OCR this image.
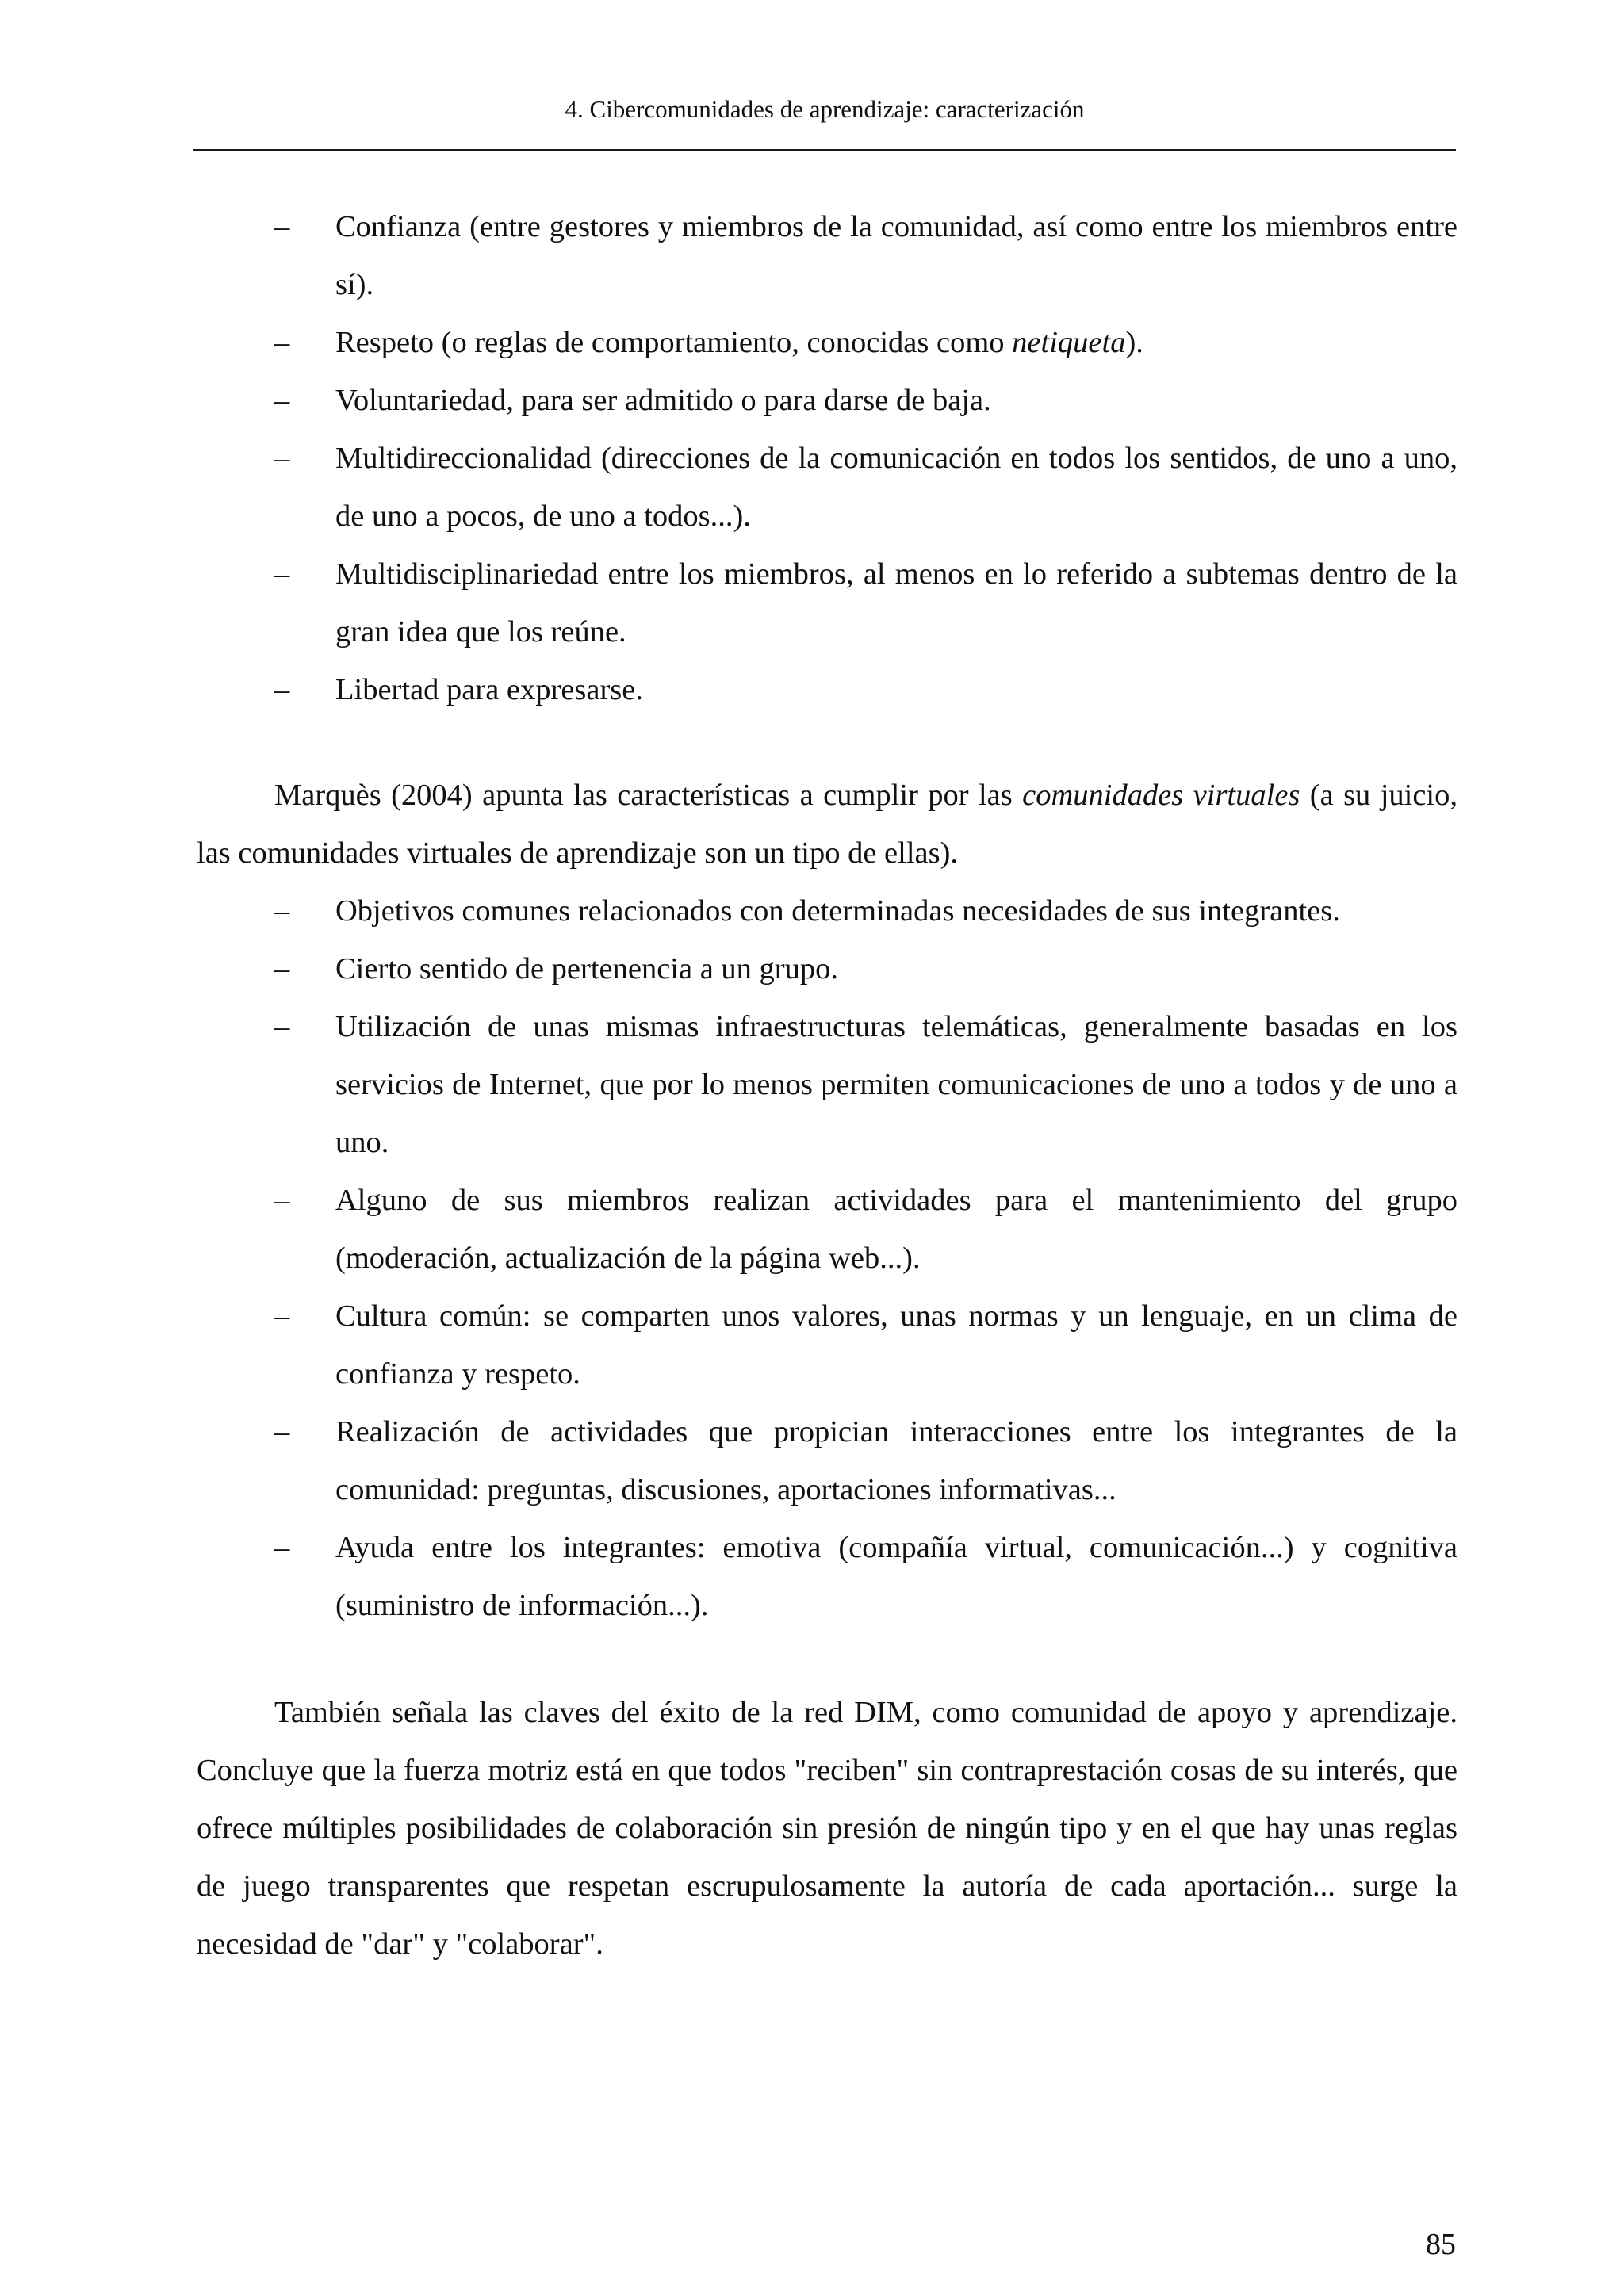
4. Cibercomunidades de aprendizaje: caracterización
– Confianza (entre gestores y miembros de la comunidad, así como entre los miembros entre sí).
– Respeto (o reglas de comportamiento, conocidas como netiqueta).
– Voluntariedad, para ser admitido o para darse de baja.
– Multidireccionalidad (direcciones de la comunicación en todos los sentidos, de uno a uno, de uno a pocos, de uno a todos...).
– Multidisciplinariedad entre los miembros, al menos en lo referido a subtemas dentro de la gran idea que los reúne.
– Libertad para expresarse.

Marquès (2004) apunta las características a cumplir por las comunidades virtuales (a su juicio, las comunidades virtuales de aprendizaje son un tipo de ellas).

– Objetivos comunes relacionados con determinadas necesidades de sus integrantes.
– Cierto sentido de pertenencia a un grupo.
– Utilización de unas mismas infraestructuras telemáticas, generalmente basadas en los servicios de Internet, que por lo menos permiten comunicaciones de uno a todos y de uno a uno.
– Alguno de sus miembros realizan actividades para el mantenimiento del grupo (moderación, actualización de la página web...).
– Cultura común: se comparten unos valores, unas normas y un lenguaje, en un clima de confianza y respeto.
– Realización de actividades que propician interacciones entre los integrantes de la comunidad: preguntas, discusiones, aportaciones informativas...
– Ayuda entre los integrantes: emotiva (compañía virtual, comunicación...) y cognitiva (suministro de información...).

También señala las claves del éxito de la red DIM, como comunidad de apoyo y aprendizaje. Concluye que la fuerza motriz está en que todos "reciben" sin contraprestación cosas de su interés, que ofrece múltiples posibilidades de colaboración sin presión de ningún tipo y en el que hay unas reglas de juego transparentes que respetan escrupulosamente la autoría de cada aportación... surge la necesidad de "dar" y "colaborar".

85
